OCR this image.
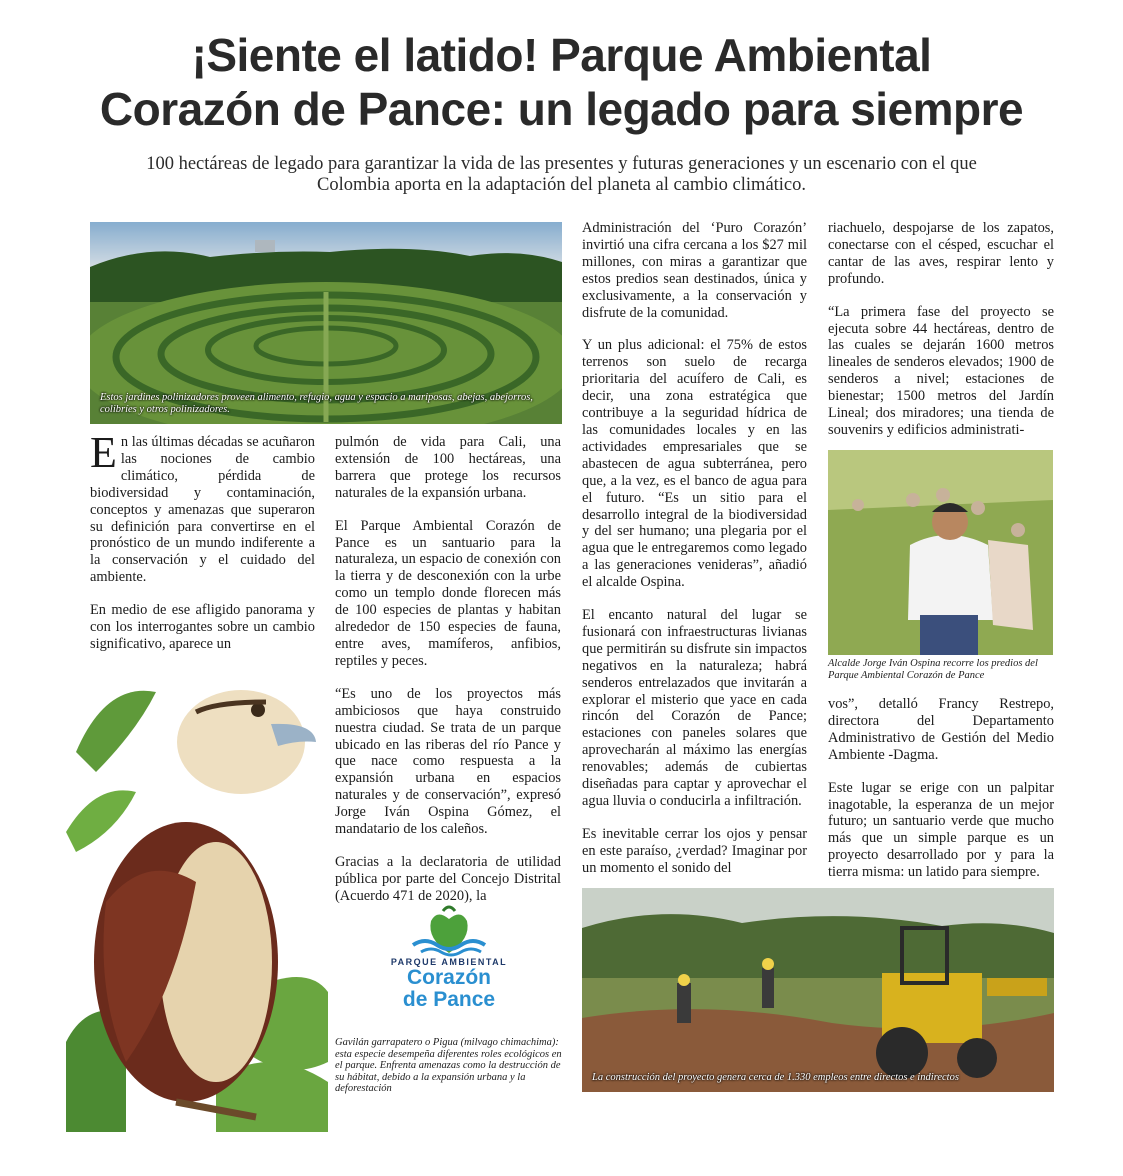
¡Siente el latido! Parque Ambiental
Corazón de Pance: un legado para siempre
100 hectáreas de legado para garantizar la vida de las presentes y futuras generaciones y un escenario con el que Colombia aporta en la adaptación del planeta al cambio climático.
Estos jardines polinizadores proveen alimento, refugio, agua y espacio a mariposas, abejas, abejorros, colibríes y otros polinizadores.

En las últimas décadas se acuñaron las nociones de cambio climático, pérdida de biodiversidad y contaminación, conceptos y amenazas que superaron su definición para convertirse en el pronóstico de un mundo indiferente a la conservación y el cuidado del ambiente.

En medio de ese afligido panorama y con los interrogantes sobre un cambio significativo, aparece un

pulmón de vida para Cali, una extensión de 100 hectáreas, una barrera que protege los recursos naturales de la expansión urbana.

El Parque Ambiental Corazón de Pance es un santuario para la naturaleza, un espacio de conexión con la tierra y de desconexión con la urbe como un templo donde florecen más de 100 especies de plantas y habitan alrededor de 150 especies de fauna, entre aves, mamíferos, anfibios, reptiles y peces.

“Es uno de los proyectos más ambiciosos que haya construido nuestra ciudad. Se trata de un parque ubicado en las riberas del río Pance y que nace como respuesta a la expansión urbana en espacios naturales y de conservación”, expresó Jorge Iván Ospina Gómez, el mandatario de los caleños.

Gracias a la declaratoria de utilidad pública por parte del Concejo Distrital (Acuerdo 471 de 2020), la

PARQUE AMBIENTAL
Corazón
de Pance
Gavilán garrapatero o Pigua (milvago chimachima): esta especie desempeña diferentes roles ecológicos en el parque. Enfrenta amenazas como la destrucción de su hábitat, debido a la expansión urbana y la deforestación

Administración del ‘Puro Corazón’ invirtió una cifra cercana a los $27 mil millones, con miras a garantizar que estos predios sean destinados, única y exclusivamente, a la conservación y disfrute de la comunidad.

Y un plus adicional: el 75% de estos terrenos son suelo de recarga prioritaria del acuífero de Cali, es decir, una zona estratégica que contribuye a la seguridad hídrica de las comunidades locales y en las actividades empresariales que se abastecen de agua subterránea, pero que, a la vez, es el banco de agua para el futuro. “Es un sitio para el desarrollo integral de la biodiversidad y del ser humano; una plegaria por el agua que le entregaremos como legado a las generaciones venideras”, añadió el alcalde Ospina.

El encanto natural del lugar se fusionará con infraestructuras livianas que permitirán su disfrute sin impactos negativos en la naturaleza; habrá senderos entrelazados que invitarán a explorar el misterio que yace en cada rincón del Corazón de Pance; estaciones con paneles solares que aprovecharán al máximo las energías renovables; además de cubiertas diseñadas para captar y aprovechar el agua lluvia o conducirla a infiltración.

Es inevitable cerrar los ojos y pensar en este paraíso, ¿verdad? Imaginar por un momento el sonido del

riachuelo, despojarse de los zapatos, conectarse con el césped, escuchar el cantar de las aves, respirar lento y profundo.

“La primera fase del proyecto se ejecuta sobre 44 hectáreas, dentro de las cuales se dejarán 1600 metros lineales de senderos elevados; 1900 de senderos a nivel; estaciones de bienestar; 1500 metros del Jardín Lineal; dos miradores; una tienda de souvenirs y edificios administrati-

Alcalde Jorge Iván Ospina recorre los predios del Parque Ambiental Corazón de Pance

vos”, detalló Francy Restrepo, directora del Departamento Administrativo de Gestión del Medio Ambiente -Dagma.

Este lugar se erige con un palpitar inagotable, la esperanza de un mejor futuro; un santuario verde que mucho más que un simple parque es un proyecto desarrollado por y para la tierra misma: un latido para siempre.

La construcción del proyecto genera cerca de 1.330 empleos entre directos e indirectos
